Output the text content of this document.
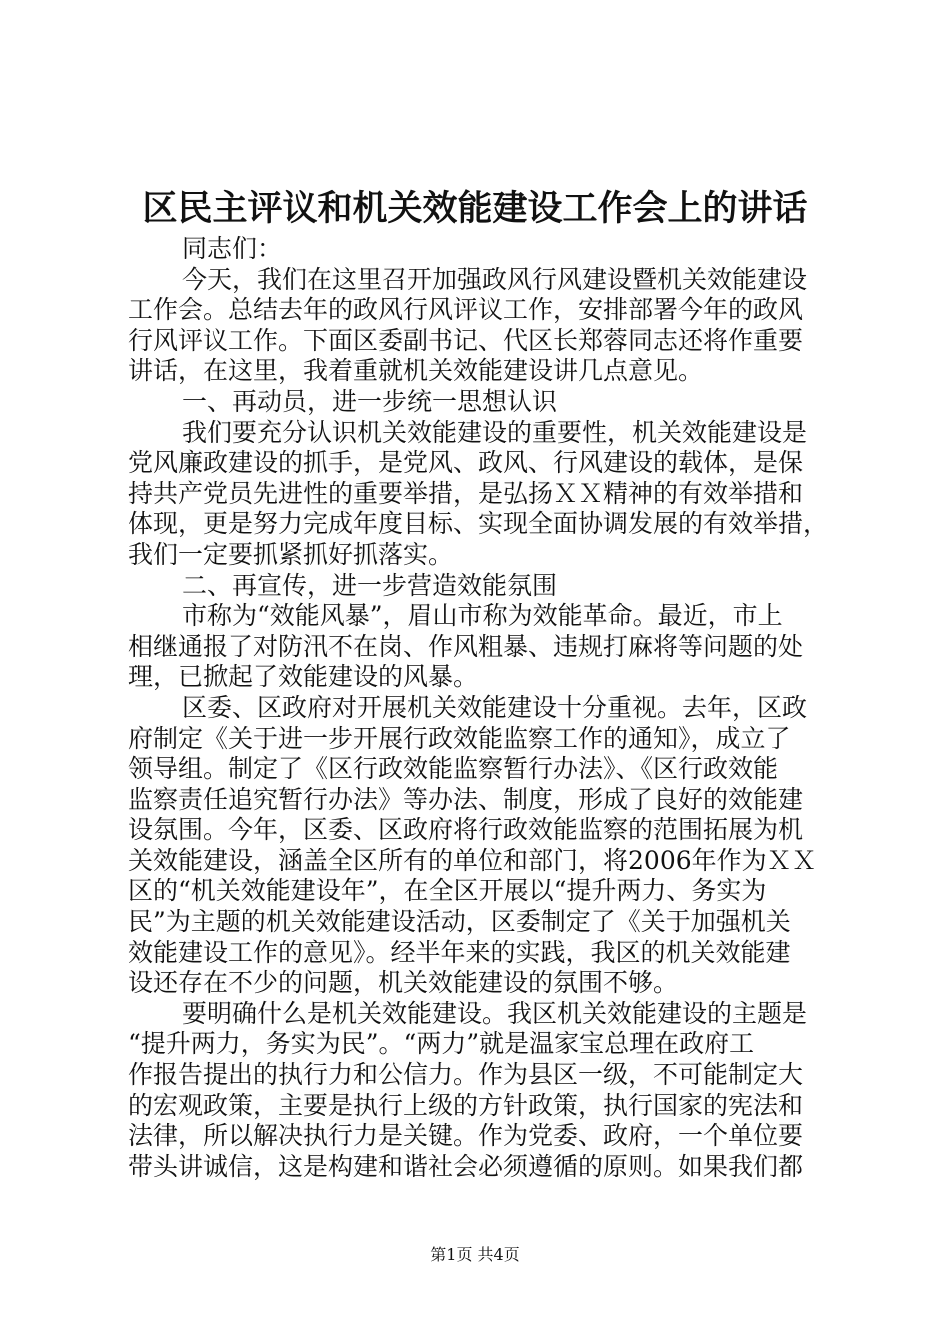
区民主评议和机关效能建设工作会上的讲话
同志们：
今天，我们在这里召开加强政风行风建设暨机关效能建设
工作会。总结去年的政风行风评议工作，安排部署今年的政风
行风评议工作。下面区委副书记、代区长郑蓉同志还将作重要
讲话，在这里，我着重就机关效能建设讲几点意见。
一、再动员，进一步统一思想认识
我们要充分认识机关效能建设的重要性，机关效能建设是
党风廉政建设的抓手，是党风、政风、行风建设的载体，是保
持共产党员先进性的重要举措，是弘扬ＸＸ精神的有效举措和
体现，更是努力完成年度目标、实现全面协调发展的有效举措，
我们一定要抓紧抓好抓落实。
二、再宣传，进一步营造效能氛围
市称为“效能风暴”，眉山市称为效能革命。最近，市上
相继通报了对防汛不在岗、作风粗暴、违规打麻将等问题的处
理，已掀起了效能建设的风暴。
区委、区政府对开展机关效能建设十分重视。去年，区政
府制定《关于进一步开展行政效能监察工作的通知》，成立了
领导组。制定了《区行政效能监察暂行办法》、《区行政效能
监察责任追究暂行办法》等办法、制度，形成了良好的效能建
设氛围。今年，区委、区政府将行政效能监察的范围拓展为机
关效能建设，涵盖全区所有的单位和部门，将2006年作为ＸＸ
区的“机关效能建设年”，在全区开展以“提升两力、务实为
民”为主题的机关效能建设活动，区委制定了《关于加强机关
效能建设工作的意见》。经半年来的实践，我区的机关效能建
设还存在不少的问题，机关效能建设的氛围不够。
要明确什么是机关效能建设。我区机关效能建设的主题是
“提升两力，务实为民”。“两力”就是温家宝总理在政府工
作报告提出的执行力和公信力。作为县区一级，不可能制定大
的宏观政策，主要是执行上级的方针政策，执行国家的宪法和
法律，所以解决执行力是关键。作为党委、政府，一个单位要
带头讲诚信，这是构建和谐社会必须遵循的原则。如果我们都
第1页 共4页
